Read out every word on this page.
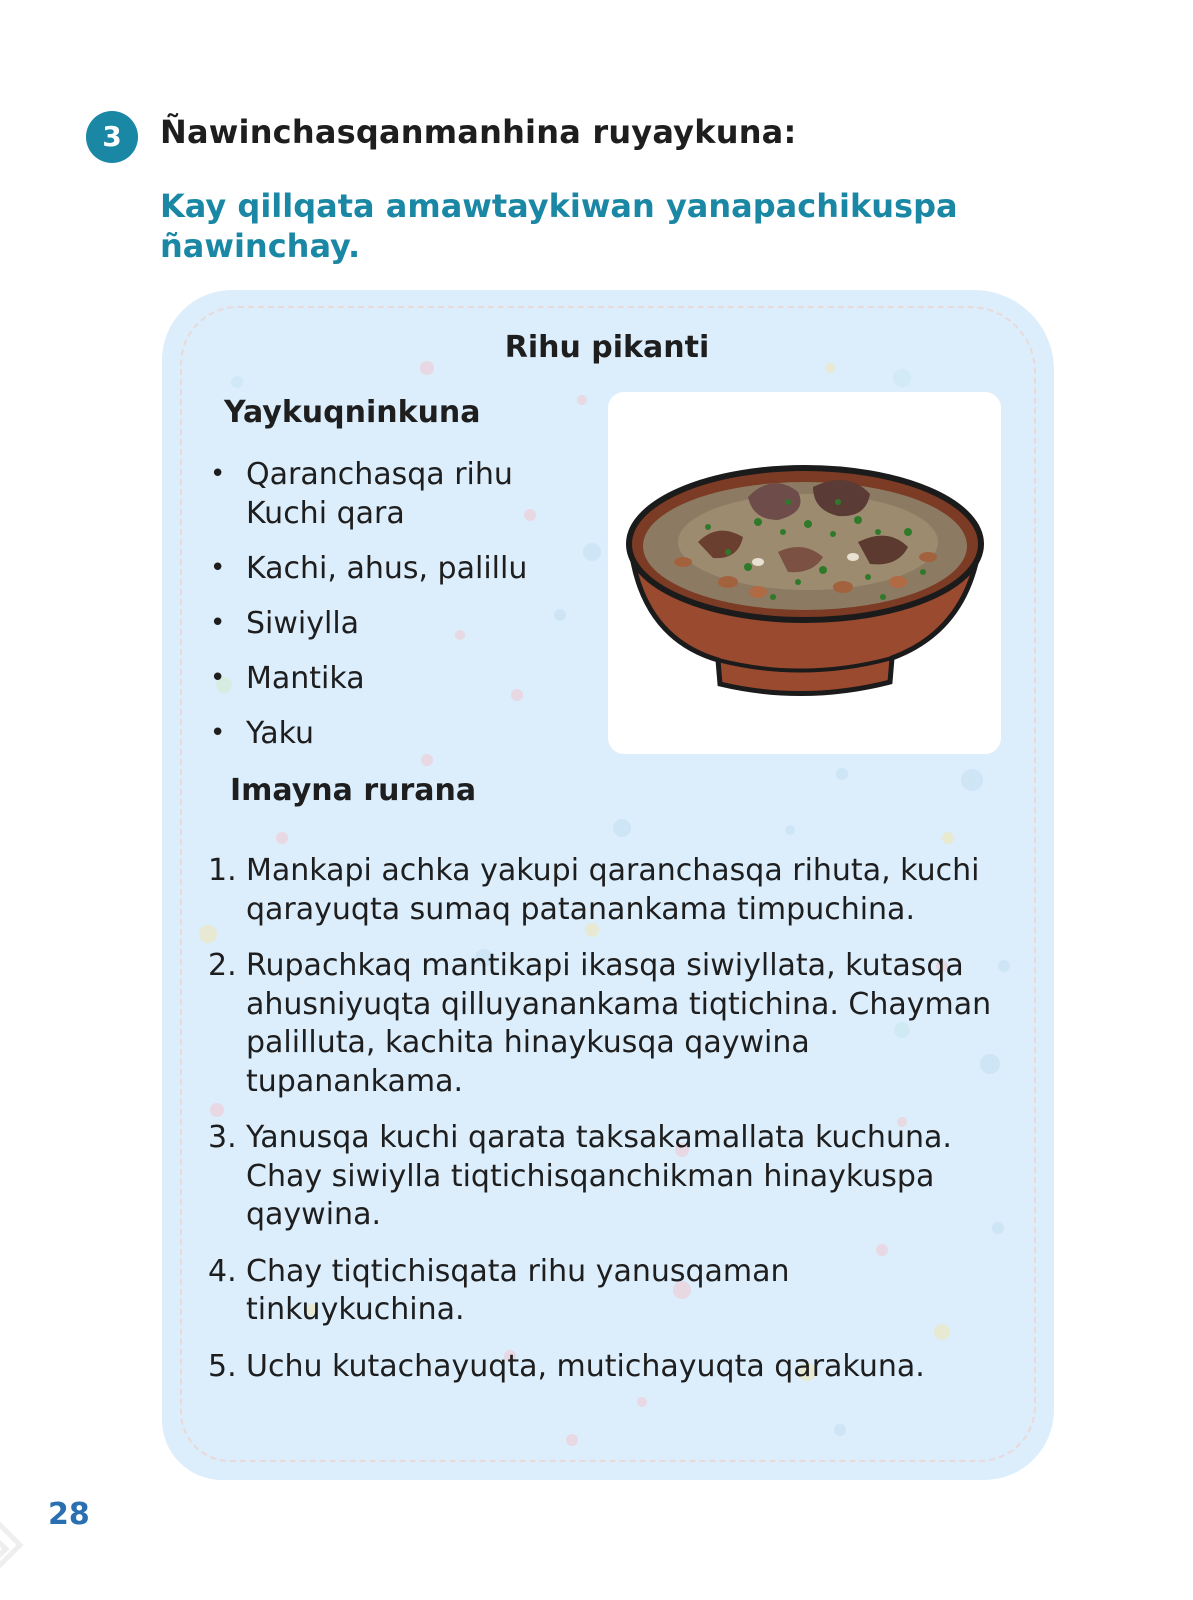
3	Ñawinchasqanmanhina ruyaykuna:
Kay qillqata amawtaykiwan yanapachikuspa ñawinchay.
Rihu pikanti
Yaykuqninkuna
• Qaranchasqa rihu
Kuchi qara
• Kachi, ahus, palillu
• Siwiylla
• Mantika
• Yaku
Imayna rurana
1. Mankapi achka yakupi qaranchasqa rihuta, kuchi qarayuqta sumaq patanankama timpuchina.
2. Rupachkaq mantikapi ikasqa siwiyllata, kutasqa ahusniyuqta qilluyanankama tiqtichina. Chayman palilluta, kachita hinaykusqa qaywina tupanankama.
3. Yanusqa kuchi qarata taksakamallata kuchuna. Chay siwiylla tiqtichisqanchikman hinaykuspa qaywina.
4. Chay tiqtichisqata rihu yanusqaman tinkuykuchina.
5. Uchu kutachayuqta, mutichayuqta qarakuna.
28
